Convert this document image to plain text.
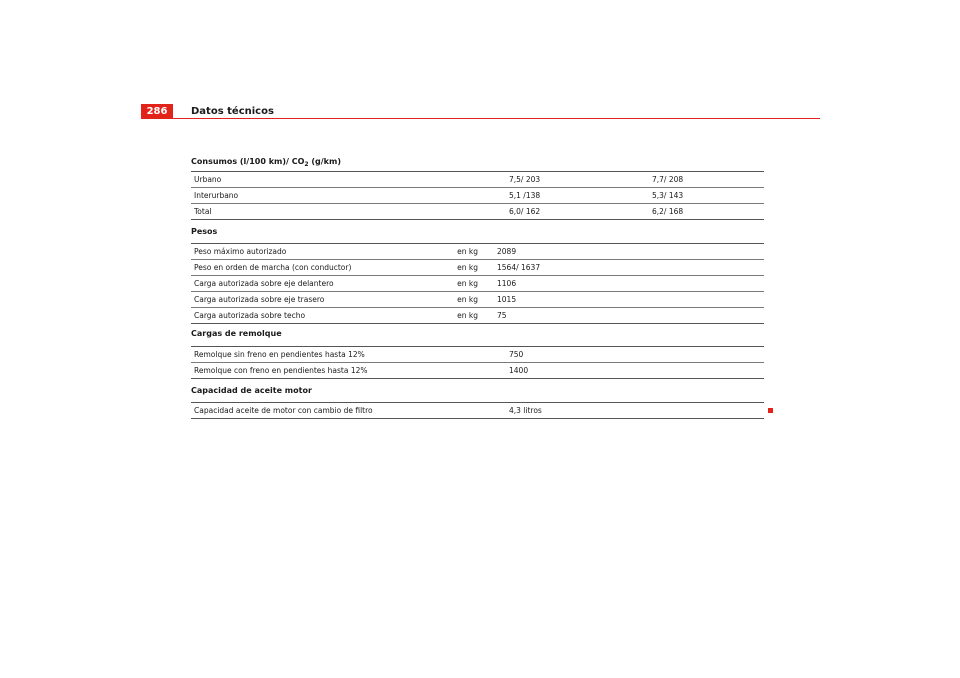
286	Datos técnicos
Consumos (l/100 km)/ $CO_2$ (g/km)
Urbano	7,5/ 203	7,7/ 208
Interurbano	5,1 /138	5,3/ 143
Total	6,0/ 162	6,2/ 168
Pesos
Peso máximo autorizado	en kg	2089
Peso en orden de marcha (con conductor)	en kg	1564/ 1637
Carga autorizada sobre eje delantero	en kg	1106
Carga autorizada sobre eje trasero	en kg	1015
Carga autorizada sobre techo	en kg	75
Cargas de remolque
Remolque sin freno en pendientes hasta 12%	750
Remolque con freno en pendientes hasta 12%	1400
Capacidad de aceite motor
Capacidad aceite de motor con cambio de filtro	4,3 litros
